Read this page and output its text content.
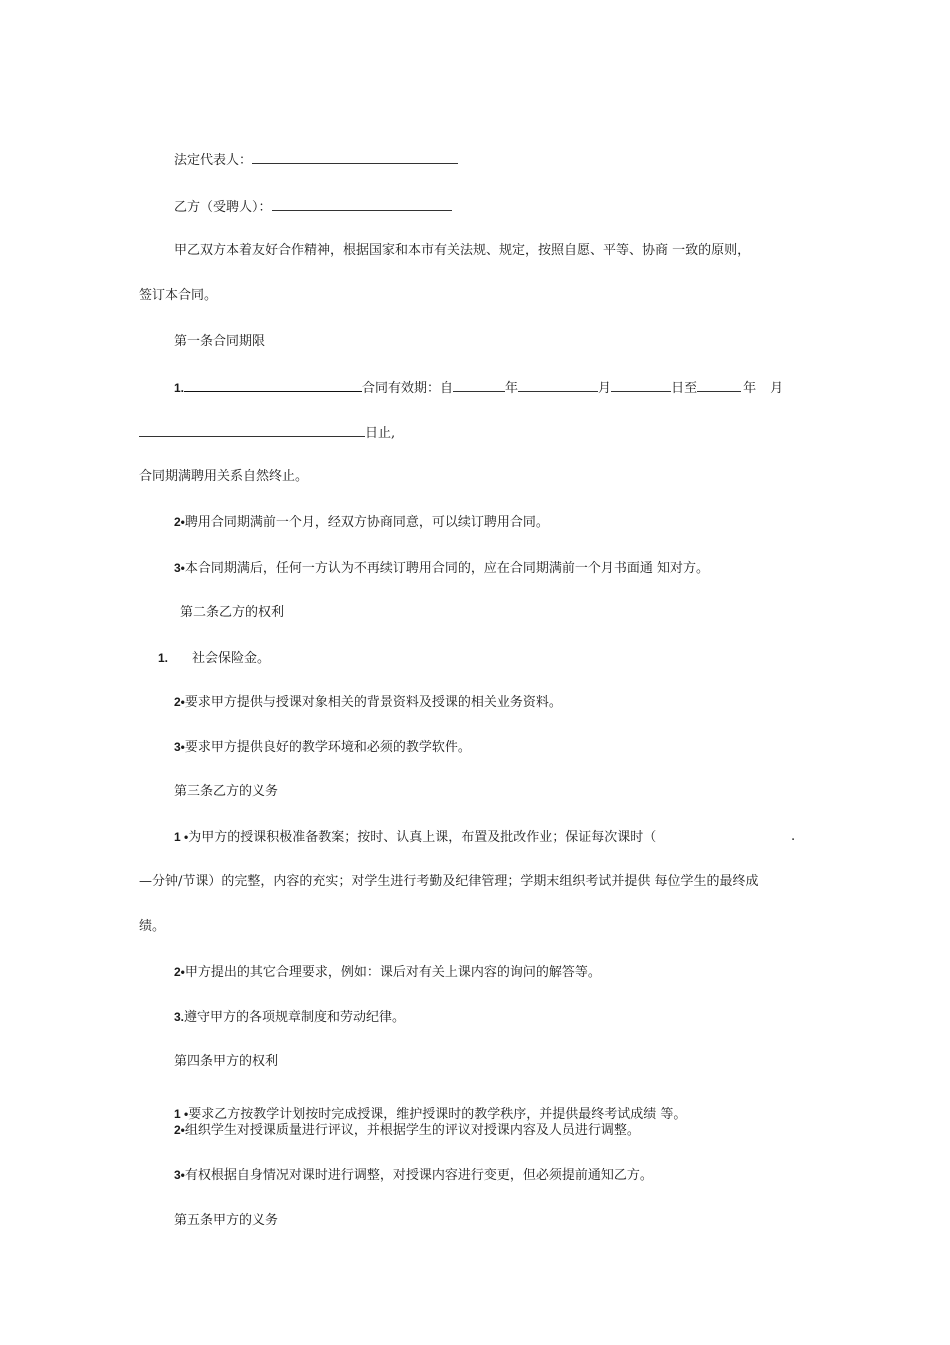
法定代表人：
乙方（受聘人）：
甲乙双方本着友好合作精神，根据国家和本市有关法规、规定，按照自愿、平等、协商 一致的原则，
签订本合同。
第一条合同期限
1.	合同有效期：自	年	月	日至	年 月
日止,
合同期满聘用关系自然终止。
2•聘用合同期满前一个月，经双方协商同意，可以续订聘用合同。
3•本合同期满后，任何一方认为不再续订聘用合同的，应在合同期满前一个月书面通 知对方。
第二条乙方的权利
1. 社会保险金。
2•要求甲方提供与授课对象相关的背景资料及授课的相关业务资料。
3•要求甲方提供良好的教学环境和必须的教学软件。
第三条乙方的义务
1 •为甲方的授课积极准备教案；按时、认真上课，布置及批改作业；保证每次课时（	.
—分钟/节课）的完整，内容的充实；对学生进行考勤及纪律管理；学期末组织考试并提供 每位学生的最终成
绩。
2•甲方提出的其它合理要求，例如：课后对有关上课内容的询问的解答等。
3.遵守甲方的各项规章制度和劳动纪律。
第四条甲方的权利
1 •要求乙方按教学计划按时完成授课，维护授课时的教学秩序，并提供最终考试成绩 等。
2•组织学生对授课质量进行评议，并根据学生的评议对授课内容及人员进行调整。
3•有权根据自身情况对课时进行调整，对授课内容进行变更，但必须提前通知乙方。
第五条甲方的义务
